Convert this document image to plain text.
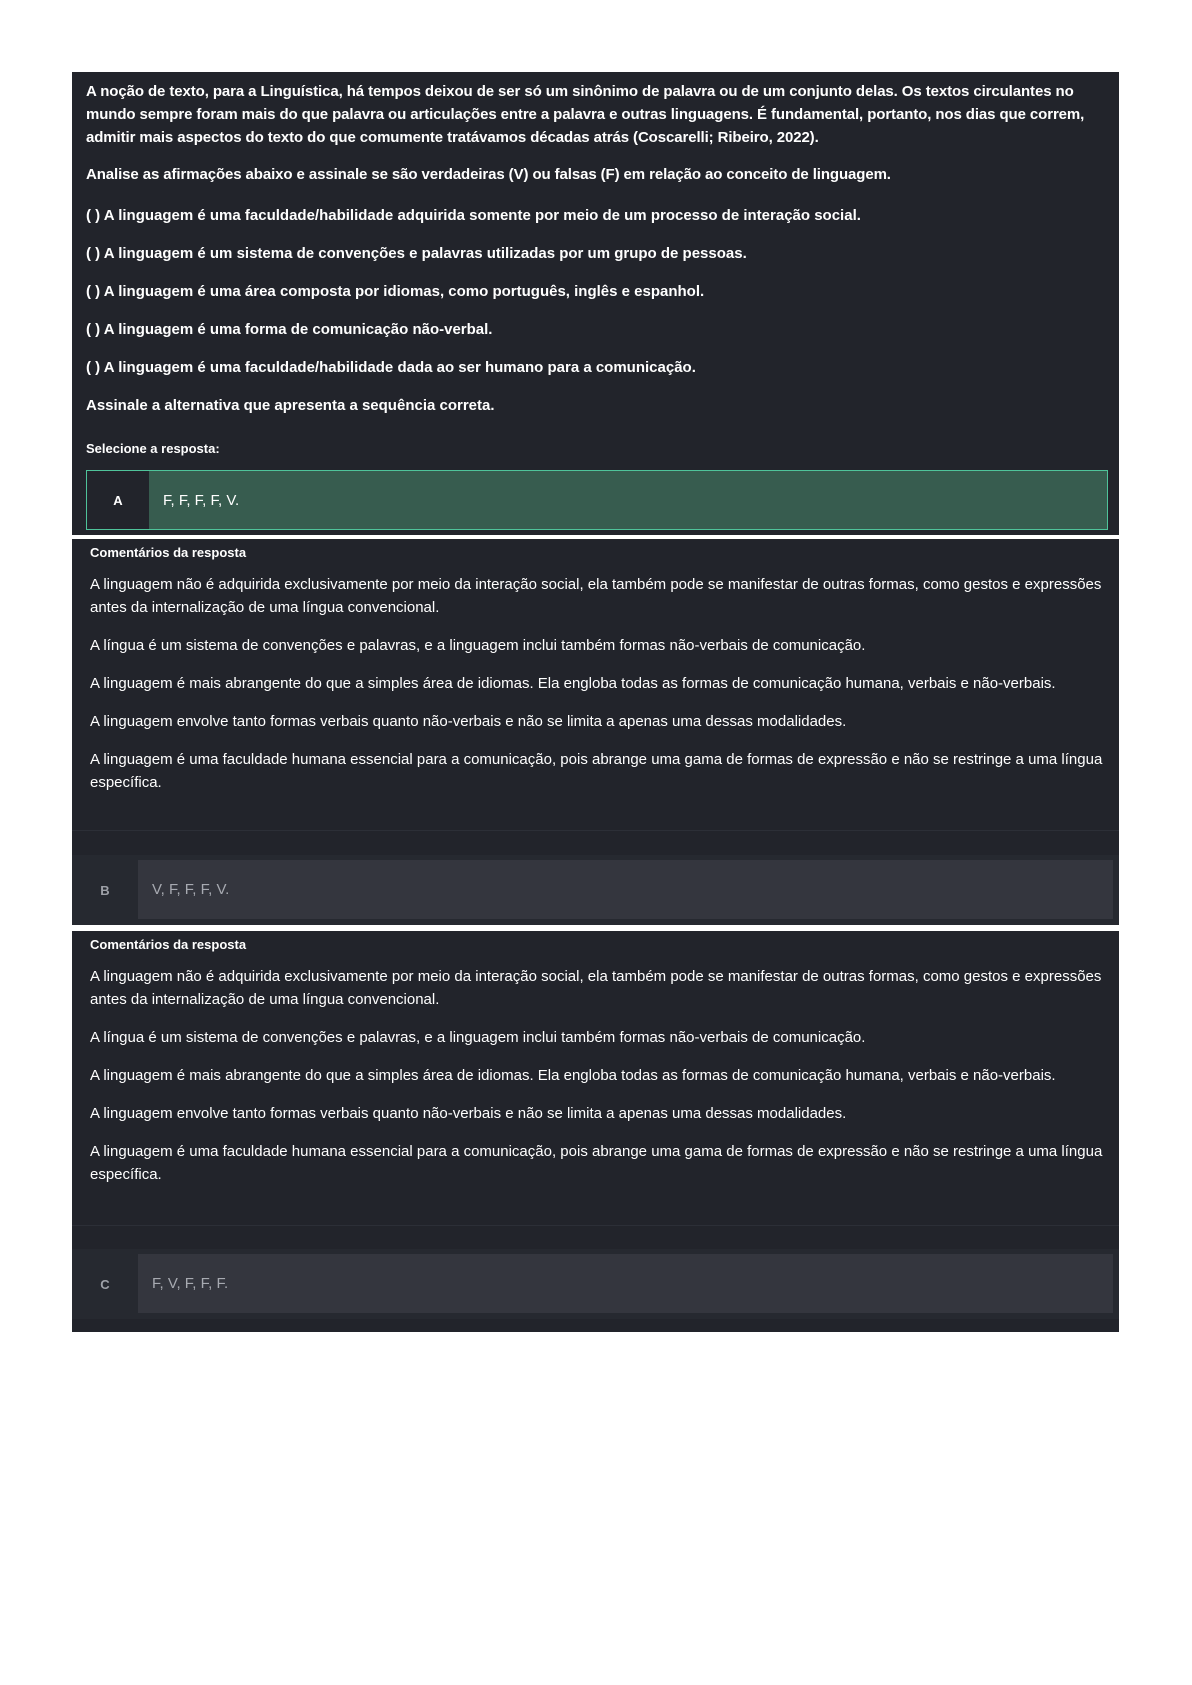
A noção de texto, para a Linguística, há tempos deixou de ser só um sinônimo de palavra ou de um conjunto delas. Os textos circulantes no mundo sempre foram mais do que palavra ou articulações entre a palavra e outras linguagens. É fundamental, portanto, nos dias que correm, admitir mais aspectos do texto do que comumente tratávamos décadas atrás (Coscarelli; Ribeiro, 2022).

Analise as afirmações abaixo e assinale se são verdadeiras (V) ou falsas (F) em relação ao conceito de linguagem.

( ) A linguagem é uma faculdade/habilidade adquirida somente por meio de um processo de interação social.

( ) A linguagem é um sistema de convenções e palavras utilizadas por um grupo de pessoas.

( ) A linguagem é uma área composta por idiomas, como português, inglês e espanhol.

( ) A linguagem é uma forma de comunicação não-verbal.

( ) A linguagem é uma faculdade/habilidade dada ao ser humano para a comunicação.

Assinale a alternativa que apresenta a sequência correta.

Selecione a resposta:
A	F, F, F, F, V.
Comentários da resposta

A linguagem não é adquirida exclusivamente por meio da interação social, ela também pode se manifestar de outras formas, como gestos e expressões antes da internalização de uma língua convencional.

A língua é um sistema de convenções e palavras, e a linguagem inclui também formas não-verbais de comunicação.

A linguagem é mais abrangente do que a simples área de idiomas. Ela engloba todas as formas de comunicação humana, verbais e não-verbais.

A linguagem envolve tanto formas verbais quanto não-verbais e não se limita a apenas uma dessas modalidades.

A linguagem é uma faculdade humana essencial para a comunicação, pois abrange uma gama de formas de expressão e não se restringe a uma língua específica.

B	V, F, F, F, V.
Comentários da resposta

A linguagem não é adquirida exclusivamente por meio da interação social, ela também pode se manifestar de outras formas, como gestos e expressões antes da internalização de uma língua convencional.

A língua é um sistema de convenções e palavras, e a linguagem inclui também formas não-verbais de comunicação.

A linguagem é mais abrangente do que a simples área de idiomas. Ela engloba todas as formas de comunicação humana, verbais e não-verbais.

A linguagem envolve tanto formas verbais quanto não-verbais e não se limita a apenas uma dessas modalidades.

A linguagem é uma faculdade humana essencial para a comunicação, pois abrange uma gama de formas de expressão e não se restringe a uma língua específica.

C	F, V, F, F, F.
